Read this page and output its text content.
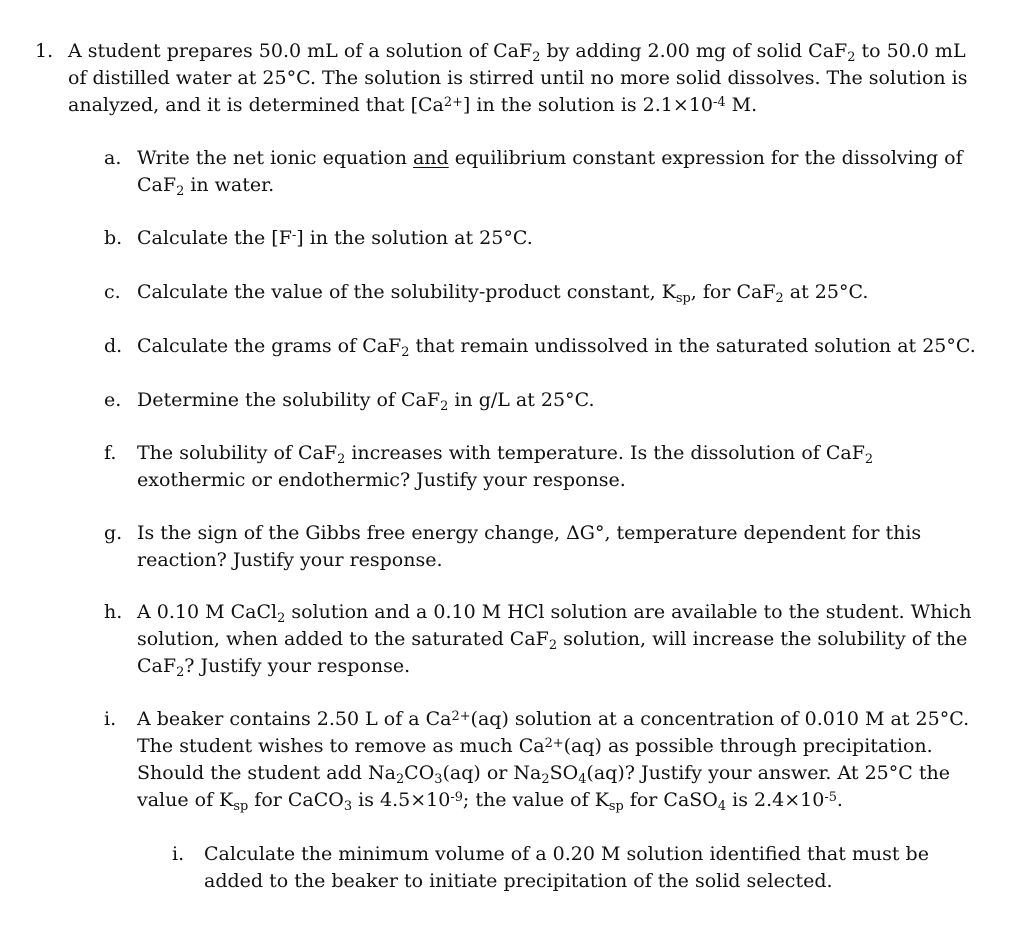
1. A student prepares 50.0 mL of a solution of CaF$_2$ by adding 2.00 mg of solid CaF$_2$ to 50.0 mL of distilled water at 25°C. The solution is stirred until no more solid dissolves. The solution is analyzed, and it is determined that $[Ca^{2+}]$ in the solution is $2.1\times 10^{-4}$ M.
a. Write the net ionic equation and equilibrium constant expression for the dissolving of CaF$_2$ in water.
b. Calculate the [F-] in the solution at 25°C.
c. Calculate the value of the solubility-product constant, $K_{sp}$, for CaF$_2$ at 25°C.
d. Calculate the grams of CaF$_2$ that remain undissolved in the saturated solution at 25°C.
e. Determine the solubility of CaF$_2$ in g/L at 25°C.
f. The solubility of CaF$_2$ increases with temperature. Is the dissolution of CaF$_2$ exothermic or endothermic? Justify your response.
g. Is the sign of the Gibbs free energy change, ΔG°, temperature dependent for this reaction? Justify your response.
h. A 0.10 M CaCl$_2$ solution and a 0.10 M HCl solution are available to the student. Which solution, when added to the saturated CaF$_2$ solution, will increase the solubility of the CaF$_2$? Justify your response.
i. A beaker contains 2.50 L of a $Ca^{2+}(aq)$ solution at a concentration of 0.010 M at 25°C. The student wishes to remove as much $Ca^{2+}(aq)$ as possible through precipitation. Should the student add $Na_2CO_3(aq)$ or $Na_2SO_4(aq)$? Justify your answer. At 25°C the value of $K_{sp}$ for CaCO$_3$ is $4.5\times 10^{-9}$; the value of $K_{sp}$ for CaSO$_4$ is $2.4\times 10^{-5}$.
i. Calculate the minimum volume of a 0.20 M solution identified that must be added to the beaker to initiate precipitation of the solid selected.
